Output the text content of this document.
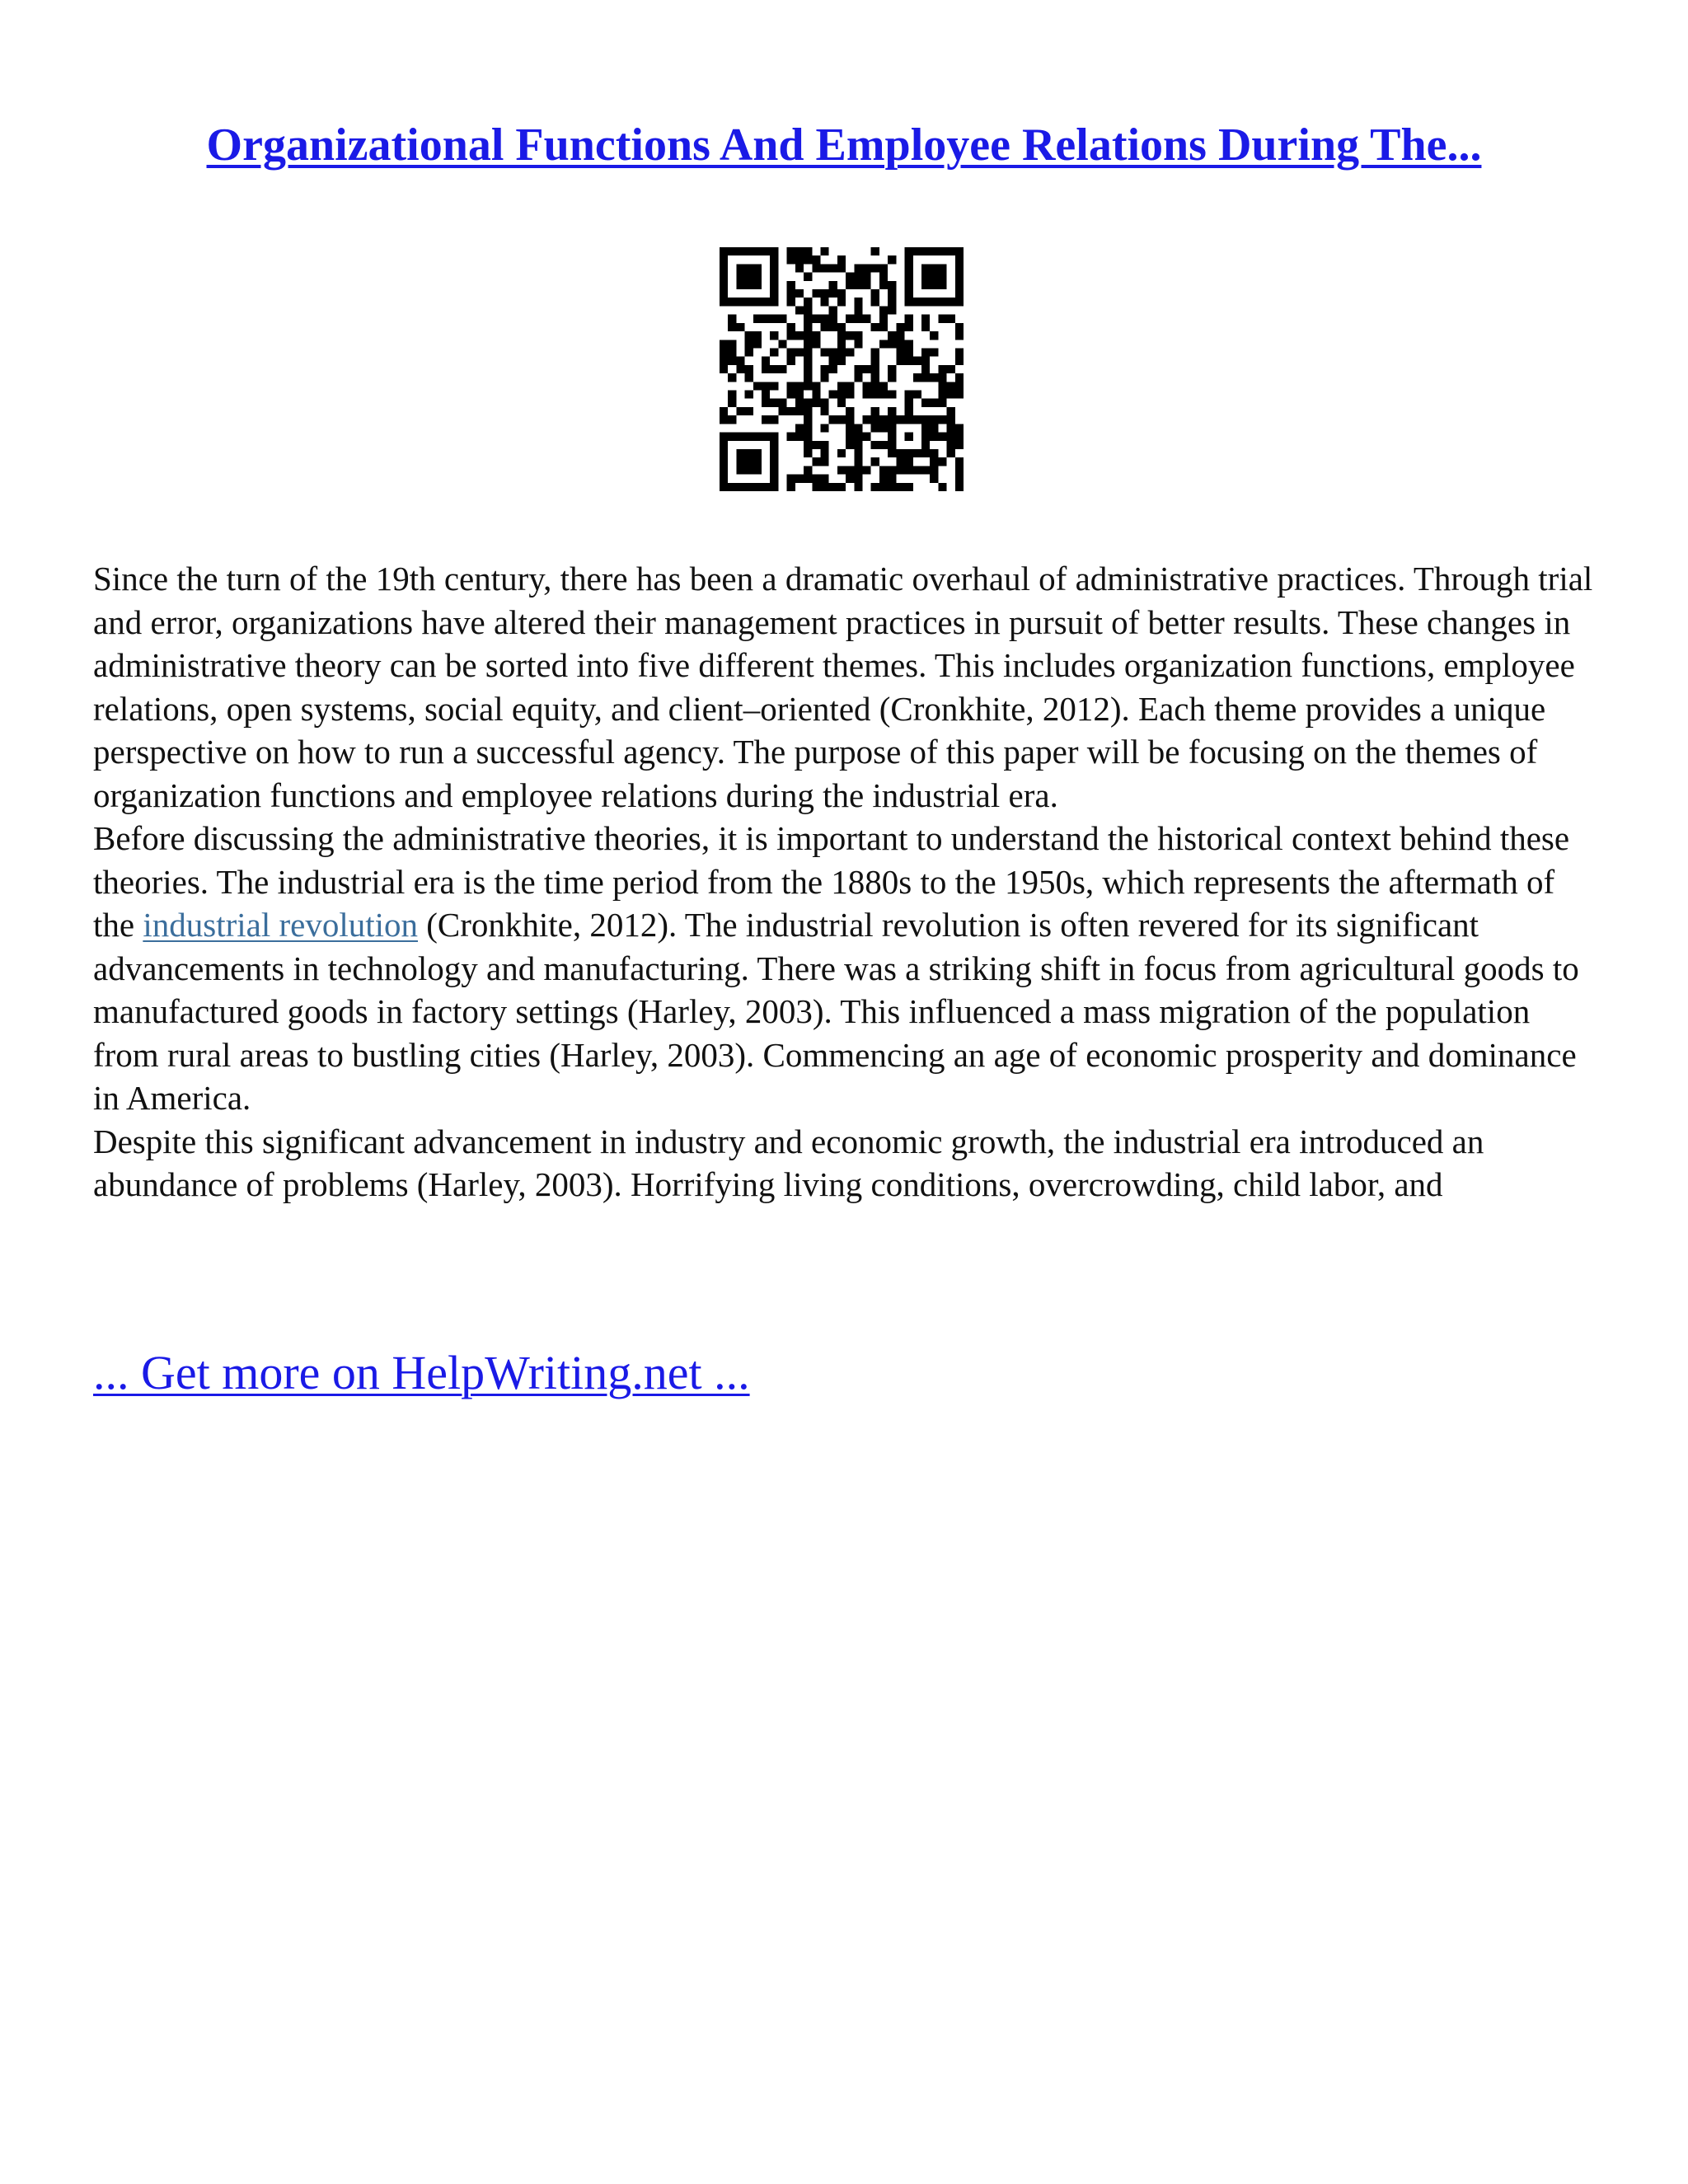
Organizational Functions And Employee Relations During The...

Since the turn of the 19th century, there has been a dramatic overhaul of administrative practices. Through trial and error, organizations have altered their management practices in pursuit of better results. These changes in administrative theory can be sorted into five different themes. This includes organization functions, employee relations, open systems, social equity, and client–oriented (Cronkhite, 2012). Each theme provides a unique perspective on how to run a successful agency. The purpose of this paper will be focusing on the themes of organization functions and employee relations during the industrial era.

Before discussing the administrative theories, it is important to understand the historical context behind these theories. The industrial era is the time period from the 1880s to the 1950s, which represents the aftermath of the industrial revolution (Cronkhite, 2012). The industrial revolution is often revered for its significant advancements in technology and manufacturing. There was a striking shift in focus from agricultural goods to manufactured goods in factory settings (Harley, 2003). This influenced a mass migration of the population from rural areas to bustling cities (Harley, 2003). Commencing an age of economic prosperity and dominance in America.

Despite this significant advancement in industry and economic growth, the industrial era introduced an abundance of problems (Harley, 2003). Horrifying living conditions, overcrowding, child labor, and

... Get more on HelpWriting.net ...
